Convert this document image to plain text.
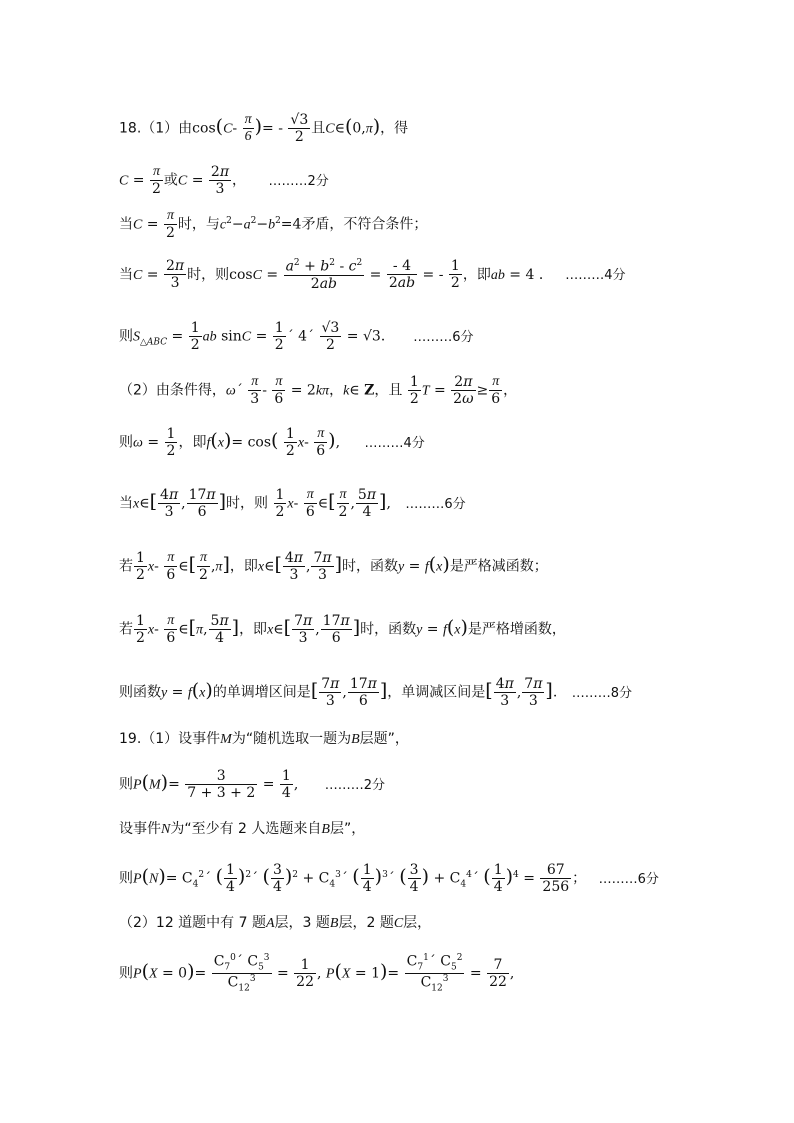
18.（1）由$\cos(C- \frac{\pi}{6}$ )= - $\frac{√3}{2}$ 且C∈(0,π)，得
$C = \frac{\pi}{2}$ 或$C = \frac{2\pi}{3}$ ， ………2分
当$C = \frac{\pi}{2}$ 时，与$c^2-a^2-b^2=4$矛盾，不符合条件；
当$C = \frac{2\pi}{3}$ 时，则$\cos C = \frac{a^2 + b^2 - c^2}{2ab} = \frac{- 4}{2ab}$ = - $\frac{1}{2}$ ，即ab = 4 ． ………4分
则$S_{\triangle ABC} = \frac{1}{2}$ ab $\sin C = \frac{1}{2}$ ´ 4´ $\frac{√3}{2} = √3$． ………6分
（2）由条件得，ω´ $\frac{\pi}{3} - \frac{\pi}{6} = 2k\pi$，k∈ Z，且 $\frac{1}{2}$ $T = \frac{2\pi}{2\omega} \ge \frac{\pi}{6}$ ，
则$\omega = \frac{1}{2}$ ，即$f(x)= \cos( \frac{1}{2} x- \frac{\pi}{6}$ ), ………4分
当x∈[ $\frac{4\pi}{3}$ , $\frac{17\pi}{6}$ ]时，则 $\frac{1}{2} x- \frac{\pi}{6}$ ∈[ $\frac{\pi}{2}$ , $\frac{5\pi}{4}$ ], ………6分
若 $\frac{1}{2} x- \frac{\pi}{6}$ ∈[ $\frac{\pi}{2} ,\pi$]，即x∈[ $\frac{4\pi}{3}$ , $\frac{7\pi}{3}$ ]时，函数y = f(x)是严格减函数；
若 $\frac{1}{2} x- \frac{\pi}{6}$ ∈[π, $\frac{5\pi}{4}$ ]，即x∈[ $\frac{7\pi}{3}$ , $\frac{17\pi}{6}$ ]时，函数y = f(x)是严格增函数，
则函数y = f(x)的单调增区间是[ $\frac{7\pi}{3}$ , $\frac{17\pi}{6}$ ]，单调减区间是[ $\frac{4\pi}{3}$ , $\frac{7\pi}{3}$ ]. ………8分
19.（1）设事件M为“随机选取一题为B层题”，
则$P(M)= \frac{3}{7 + 3 + 2} = \frac{1}{4}$ , ………2分
设事件N为“至少有 2 人选题来自B层”，
则$P(N)= C_4^2´$ ( $\frac{1}{4}$ )$^2$´ ( $\frac{3}{4} )^2$ + $C_4^3´$ ( $\frac{1}{4}$ )$^3$´ ( $\frac{3}{4}$ ) + $C_4^4´$ ( $\frac{1}{4} )^4 = \frac{67}{256}$ ； ………6分
（2）12 道题中有 7 题A层，3 题B层，2 题C层，
则$P(X = 0)= \frac{C_7^0´ C_5^3}{C_{12}^3} = \frac{1}{22}$ , $P(X = 1)= \frac{C_7^1´ C_5^2}{C_{12}^3} = \frac{7}{22}$ ,
